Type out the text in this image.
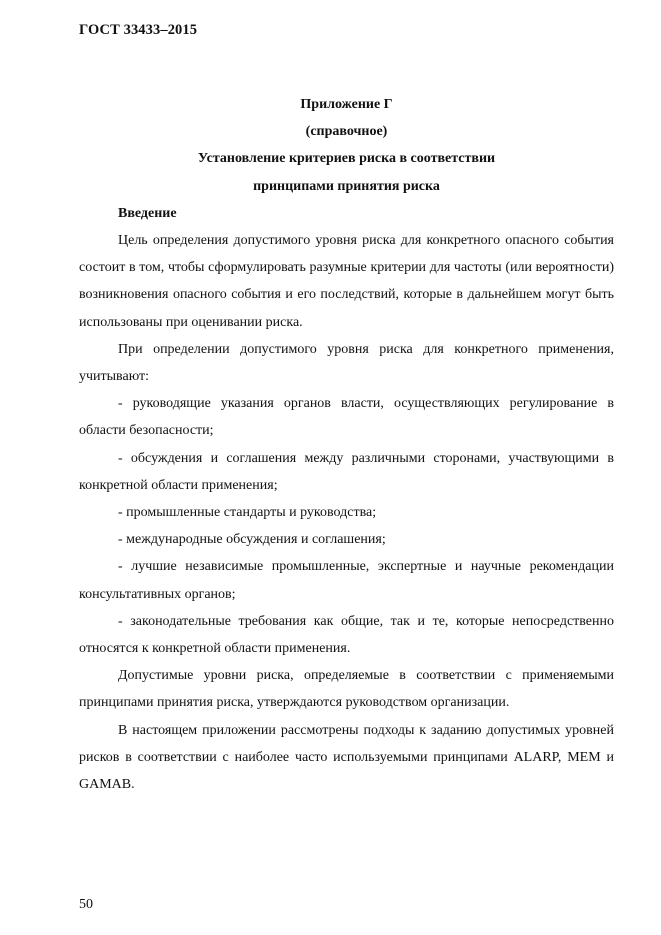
ГОСТ 33433–2015

Приложение Г

(справочное)

Установление критериев риска в соответствии

принципами принятия риска

Введение

Цель определения допустимого уровня риска для конкретного опасного события состоит в том, чтобы сформулировать разумные критерии для частоты (или вероятности) возникновения опасного события и его последствий, которые в дальнейшем могут быть использованы при оценивании риска.

При определении допустимого уровня риска для конкретного применения, учитывают:

- руководящие указания органов власти, осуществляющих регулирование в области безопасности;

- обсуждения и соглашения между различными сторонами, участвующими в конкретной области применения;

- промышленные стандарты и руководства;

- международные обсуждения и соглашения;

- лучшие независимые промышленные, экспертные и научные рекомендации консультативных органов;

- законодательные требования как общие, так и те, которые непосредственно относятся к конкретной области применения.

Допустимые уровни риска, определяемые в соответствии с применяемыми принципами принятия риска, утверждаются руководством организации.

В настоящем приложении рассмотрены подходы к заданию допустимых уровней рисков в соответствии с наиболее часто используемыми принципами ALARP, MEM и GAMAB.

50
